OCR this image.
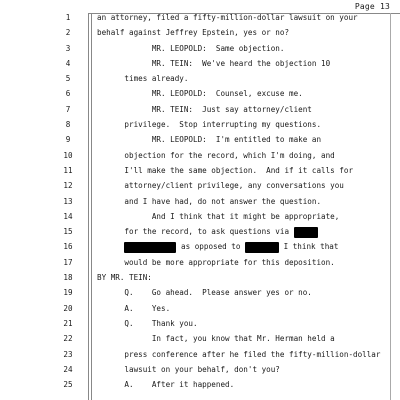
Page 13
1	an attorney, filed a fifty-million-dollar lawsuit on your
2	behalf against Jeffrey Epstein, yes or no?
3	MR. LEOPOLD:  Same objection.
4	MR. TEIN:  We've heard the objection 10
5	times already.
6	MR. LEOPOLD:  Counsel, excuse me.
7	MR. TEIN:  Just say attorney/client
8	privilege.  Stop interrupting my questions.
9	MR. LEOPOLD:  I'm entitled to make an
10	objection for the record, which I'm doing, and
11	I'll make the same objection.  And if it calls for
12	attorney/client privilege, any conversations you
13	and I have had, do not answer the question.
14	And I think that it might be appropriate,
15	for the record, to ask questions via
16	as opposed to	I think that
17	would be more appropriate for this deposition.
18	BY MR. TEIN:
19	Q.    Go ahead.  Please answer yes or no.
20	A.    Yes.
21	Q.    Thank you.
22	In fact, you know that Mr. Herman held a
23	press conference after he filed the fifty-million-dollar
24	lawsuit on your behalf, don't you?
25	A.    After it happened.
